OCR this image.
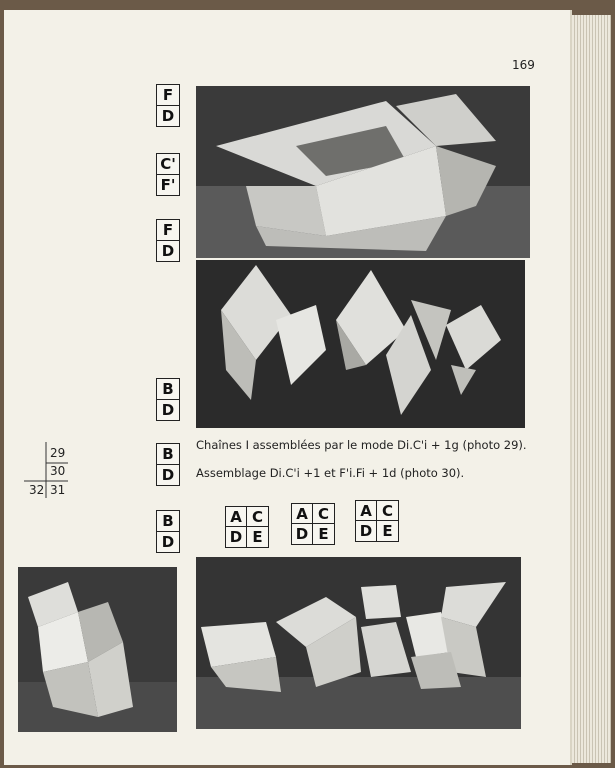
169
F
D
C'
F'
F
D
B
D
B
D
B
D
A C
D E
A C
D E
A C
D E
Chaînes I assemblées par le mode Di.C'i + 1g (photo 29).
Assemblage Di.C'i +1 et F'i.Fi + 1d (photo 30).
29
30
32 31
